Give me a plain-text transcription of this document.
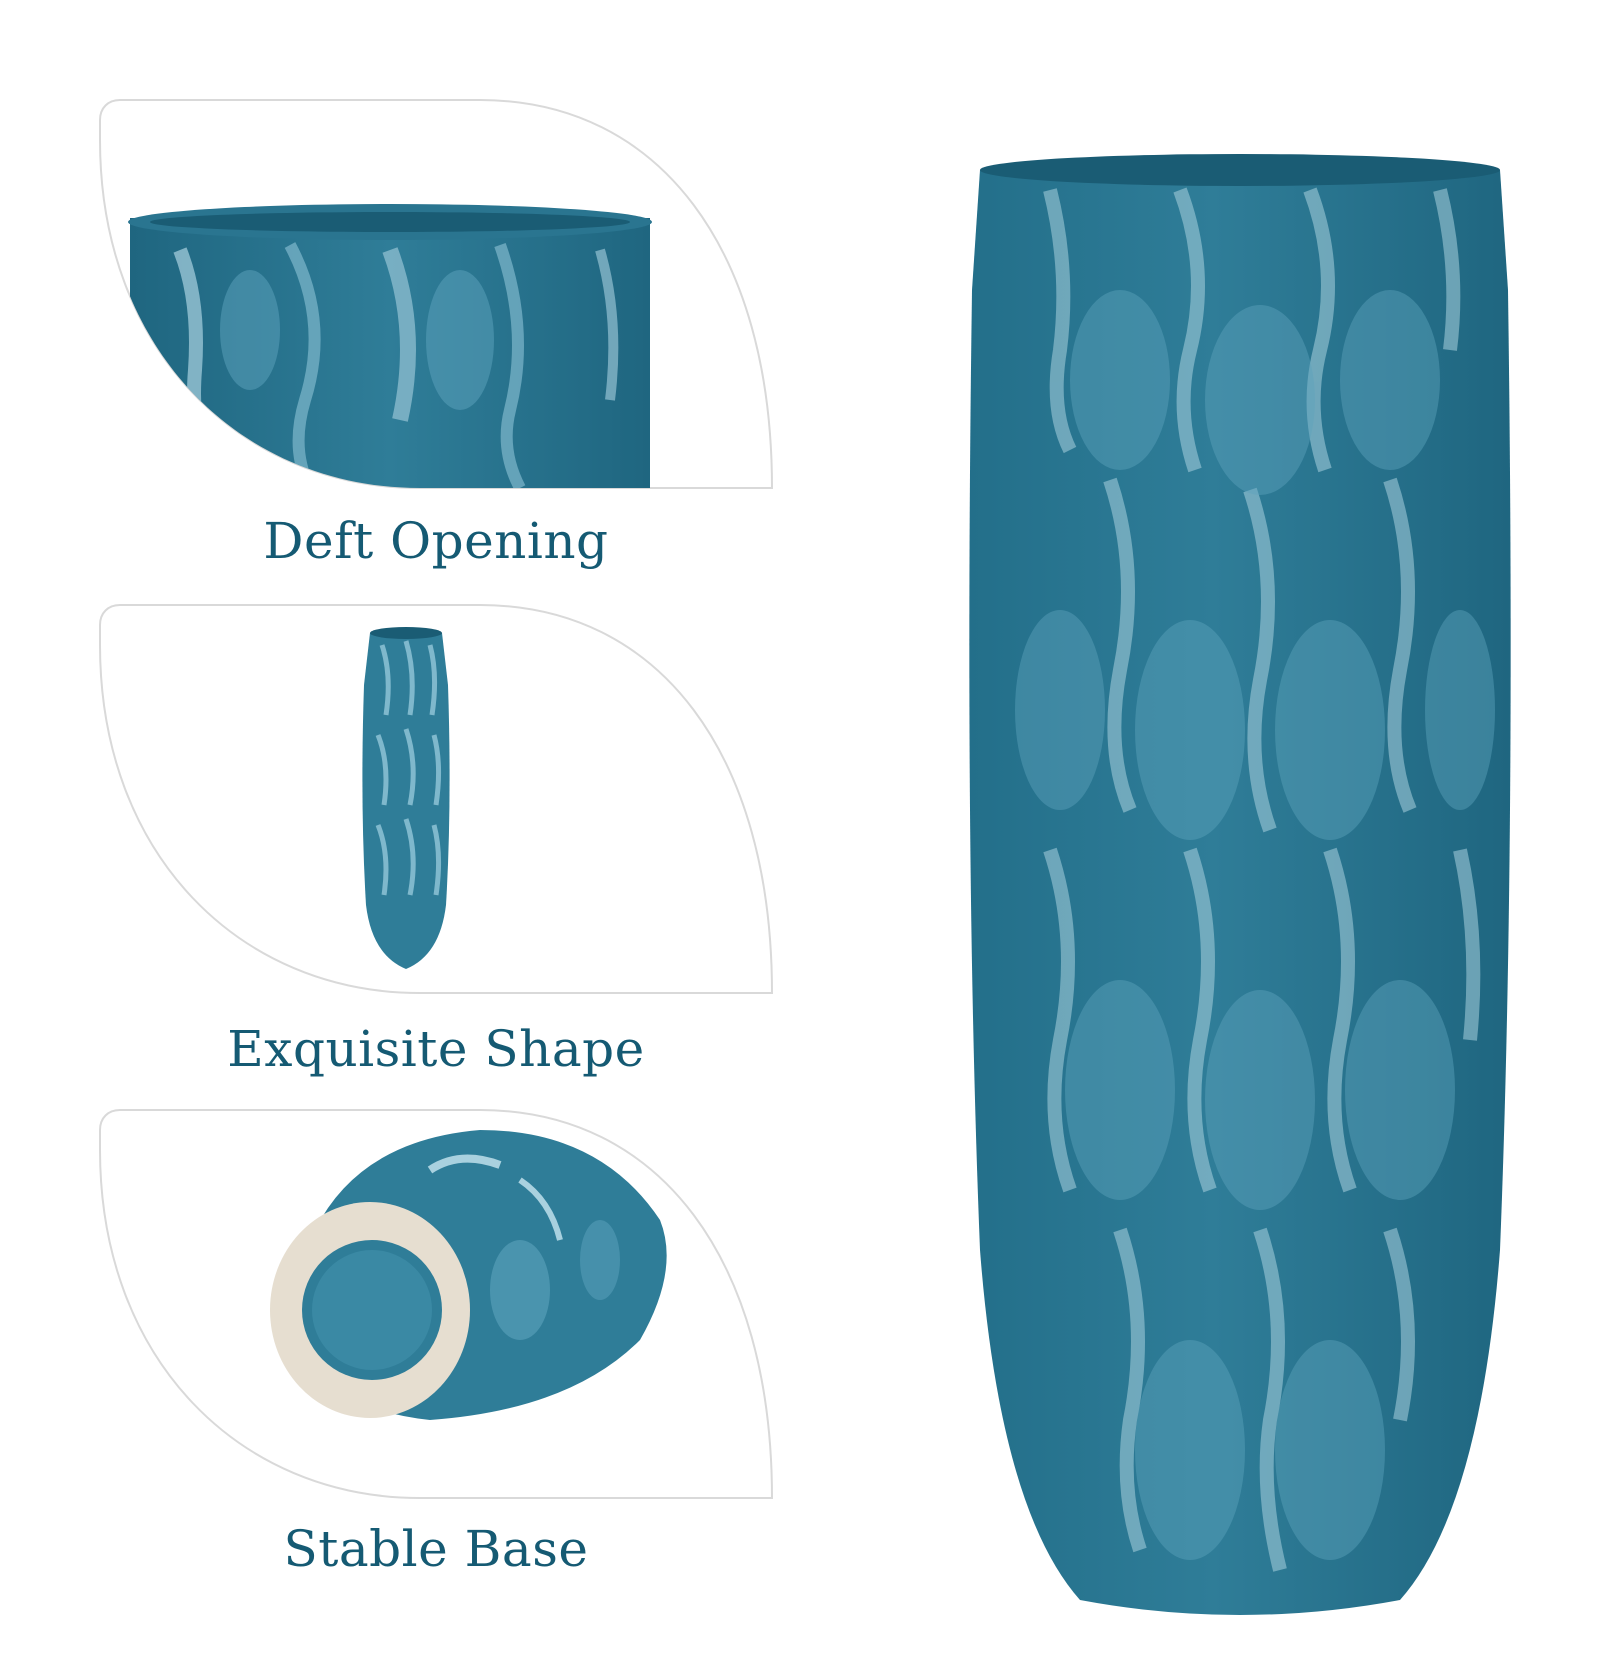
Deft Opening
Exquisite Shape
Stable Base
